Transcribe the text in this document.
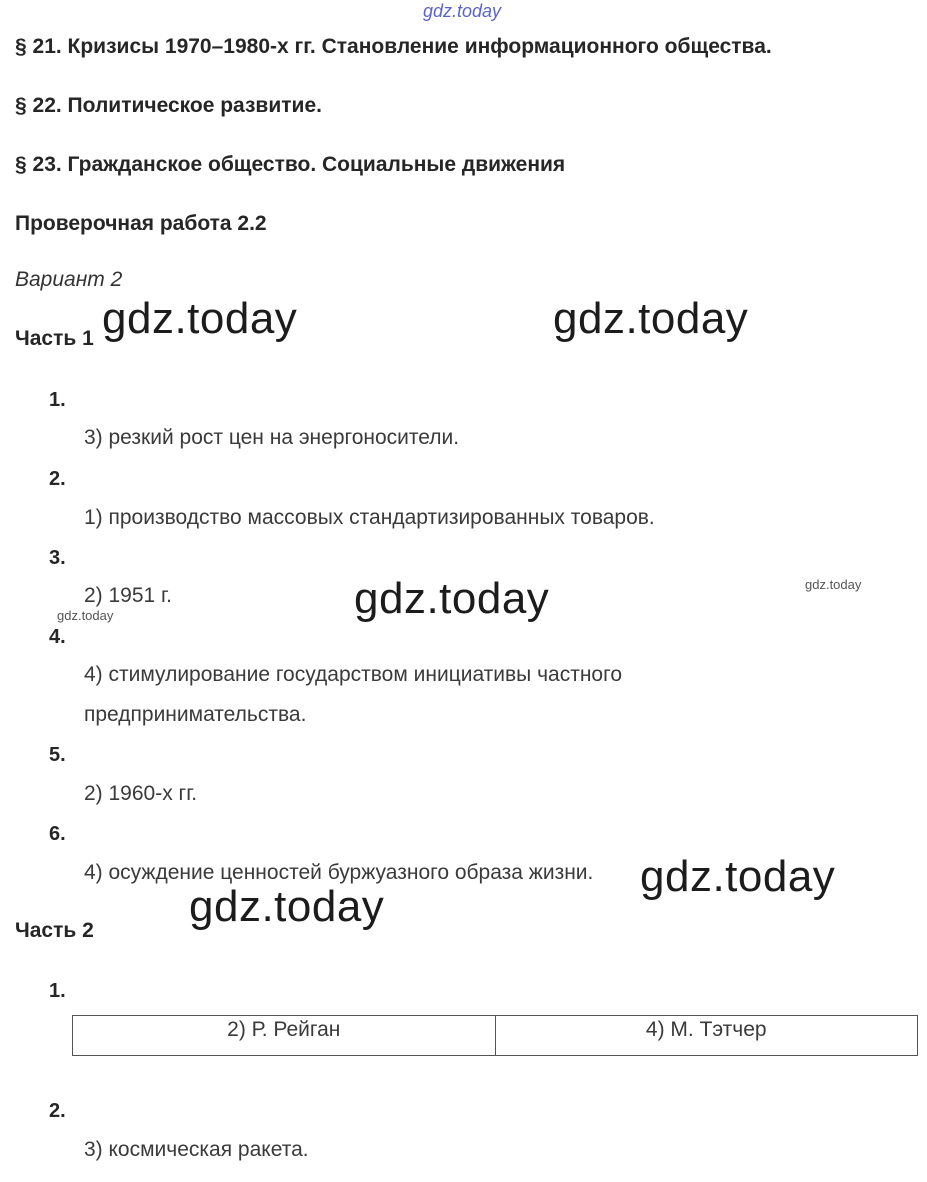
gdz.today
§ 21. Кризисы 1970–1980-х гг. Становление информационного общества.
§ 22. Политическое развитие.
§ 23. Гражданское общество. Социальные движения
Проверочная работа 2.2
Вариант 2
Часть 1 gdz.today	gdz.today
1.
3) резкий рост цен на энергоносители.
2.
1) производство массовых стандартизированных товаров.
3.
2) 1951 г.	gdz.today	gdz.today
gdz.today
4.
4) стимулирование государством инициативы частного
предпринимательства.
5.
2) 1960-х гг.
6.
4) осуждение ценностей буржуазного образа жизни. gdz.today
gdz.today
Часть 2
1.
2) Р. Рейган	4) М. Тэтчер
2.
3) космическая ракета.
